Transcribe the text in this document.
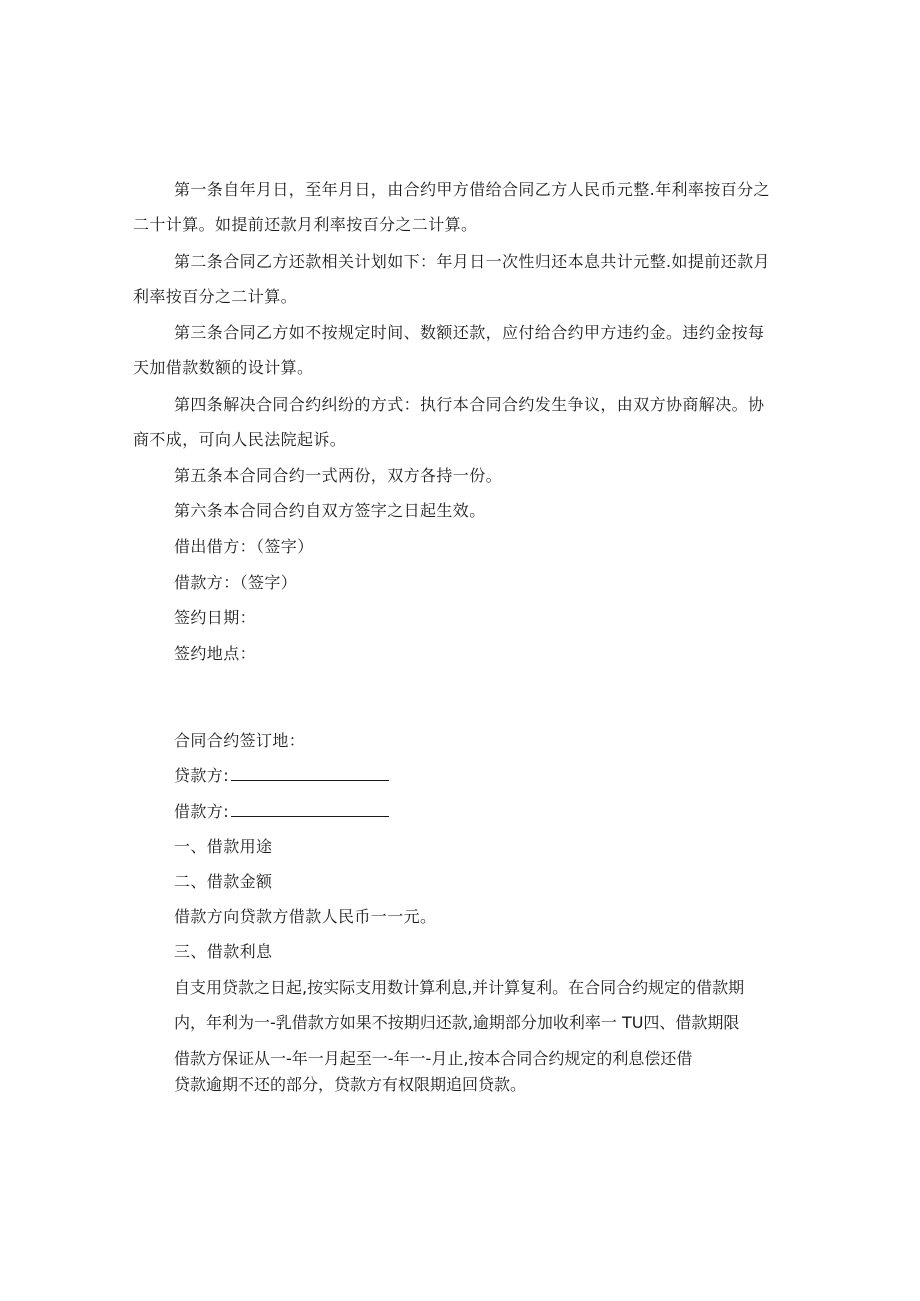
第一条自年月日，至年月日，由合约甲方借给合同乙方人民币元整.年利率按百分之
二十计算。如提前还款月利率按百分之二计算。
第二条合同乙方还款相关计划如下：年月日一次性归还本息共计元整.如提前还款月
利率按百分之二计算。
第三条合同乙方如不按规定时间、数额还款，应付给合约甲方违约金。违约金按每
天加借款数额的设计算。
第四条解决合同合约纠纷的方式：执行本合同合约发生争议，由双方协商解决。协
商不成，可向人民法院起诉。
第五条本合同合约一式两份，双方各持一份。
第六条本合同合约自双方签字之日起生效。
借出借方：（签字）
借款方：（签字）
签约日期：
签约地点：
合同合约签订地：
贷款方:
借款方:
一、借款用途
二、借款金额
借款方向贷款方借款人民币一一元。
三、借款利息
自支用贷款之日起,按实际支用数计算利息,并计算复利。在合同合约规定的借款期
内，年利为一-乳借款方如果不按期归还款,逾期部分加收利率一 TU四、借款期限
借款方保证从一-年一月起至一-年一-月止,按本合同合约规定的利息偿还借
贷款逾期不还的部分，贷款方有权限期追回贷款。
